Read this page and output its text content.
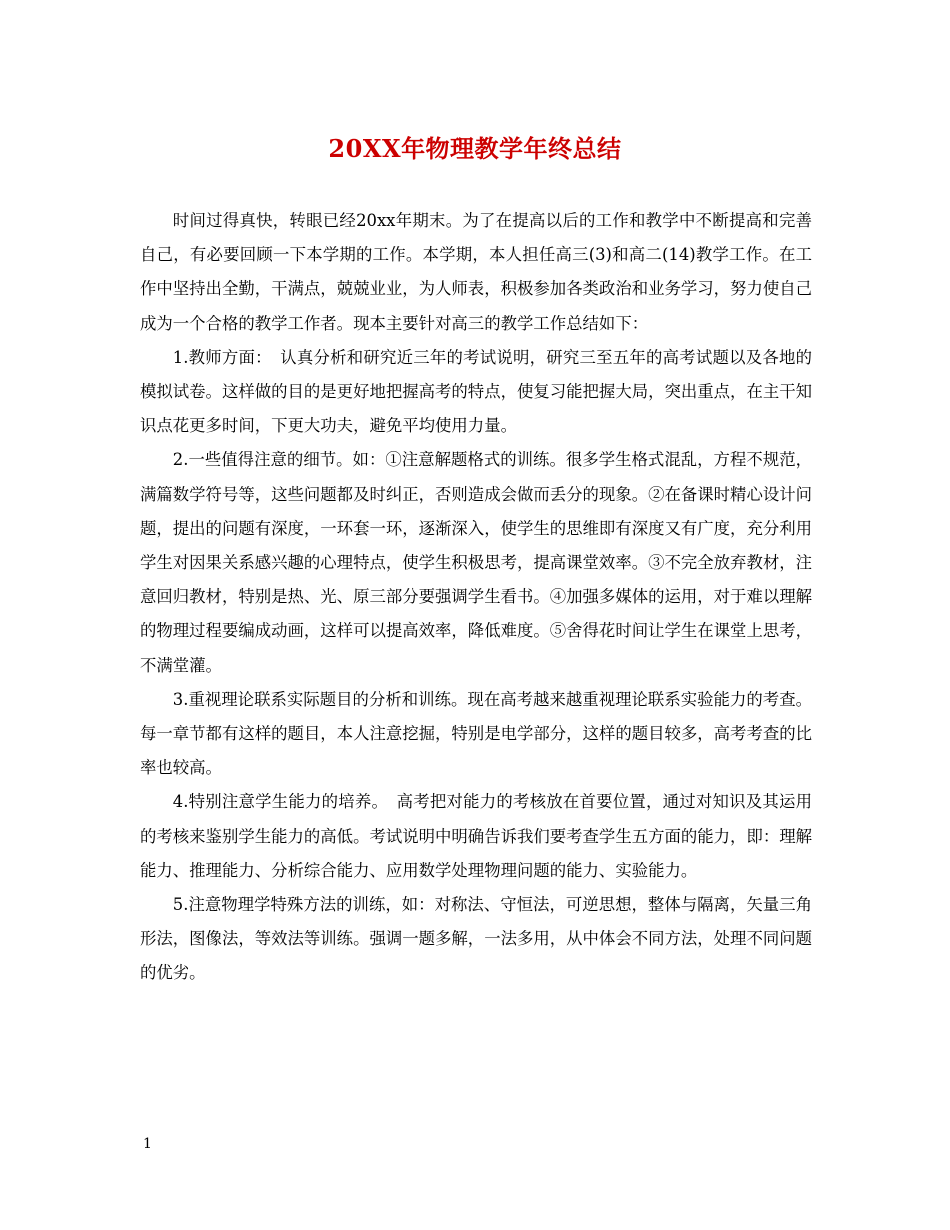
20XX年物理教学年终总结

时间过得真快，转眼已经20xx年期末。为了在提高以后的工作和教学中不断提高和完善自己，有必要回顾一下本学期的工作。本学期，本人担任高三(3)和高二(14)教学工作。在工作中坚持出全勤，干满点，兢兢业业，为人师表，积极参加各类政治和业务学习，努力使自己成为一个合格的教学工作者。现本主要针对高三的教学工作总结如下：

1.教师方面：　认真分析和研究近三年的考试说明，研究三至五年的高考试题以及各地的模拟试卷。这样做的目的是更好地把握高考的特点，使复习能把握大局，突出重点，在主干知识点花更多时间，下更大功夫，避免平均使用力量。

2.一些值得注意的细节。如：①注意解题格式的训练。很多学生格式混乱，方程不规范，满篇数学符号等，这些问题都及时纠正，否则造成会做而丢分的现象。②在备课时精心设计问题，提出的问题有深度，一环套一环，逐渐深入，使学生的思维即有深度又有广度，充分利用学生对因果关系感兴趣的心理特点，使学生积极思考，提高课堂效率。③不完全放弃教材，注意回归教材，特别是热、光、原三部分要强调学生看书。④加强多媒体的运用，对于难以理解的物理过程要编成动画，这样可以提高效率，降低难度。⑤舍得花时间让学生在课堂上思考，不满堂灌。

3.重视理论联系实际题目的分析和训练。现在高考越来越重视理论联系实验能力的考查。每一章节都有这样的题目，本人注意挖掘，特别是电学部分，这样的题目较多，高考考查的比率也较高。

4.特别注意学生能力的培养。　高考把对能力的考核放在首要位置，通过对知识及其运用的考核来鉴别学生能力的高低。考试说明中明确告诉我们要考查学生五方面的能力，即：理解能力、推理能力、分析综合能力、应用数学处理物理问题的能力、实验能力。

5.注意物理学特殊方法的训练，如：对称法、守恒法，可逆思想，整体与隔离，矢量三角形法，图像法，等效法等训练。强调一题多解，一法多用，从中体会不同方法，处理不同问题的优劣。

1
